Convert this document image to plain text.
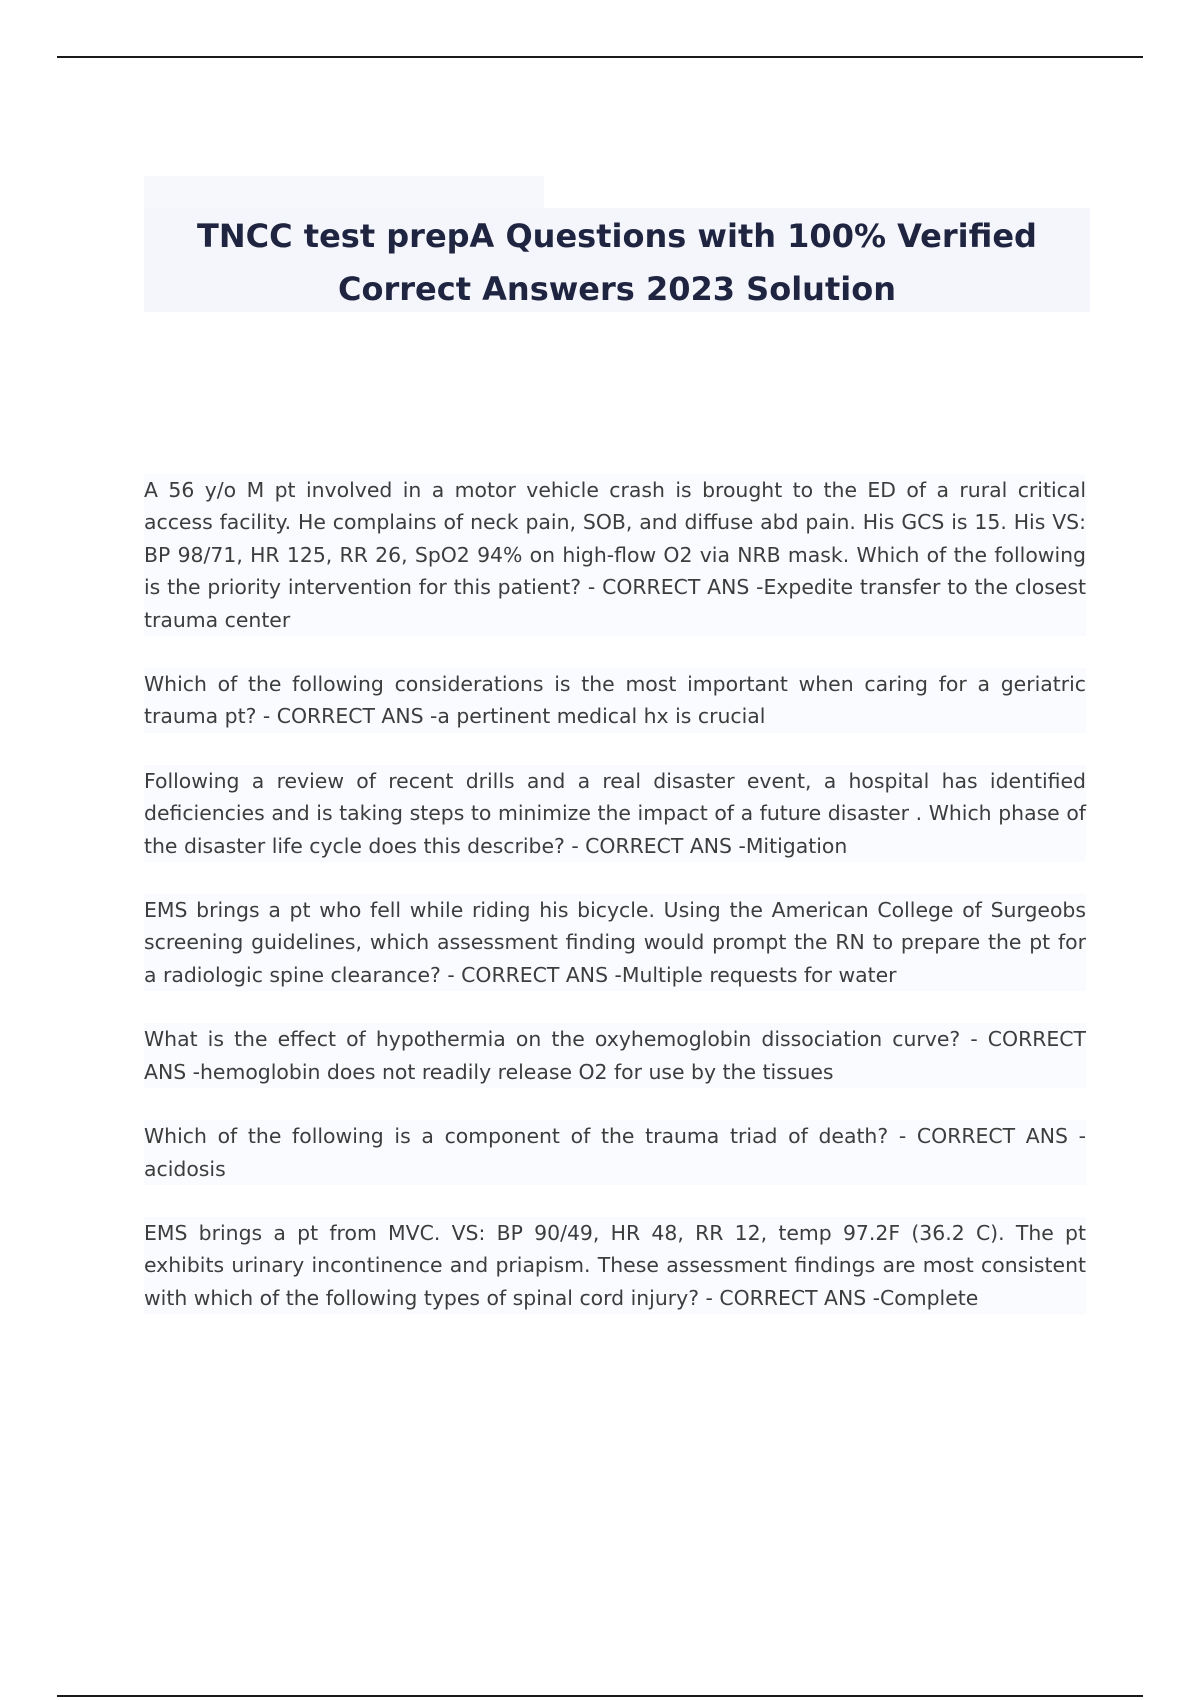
TNCC test prepA Questions with 100% Verified Correct Answers 2023 Solution

A 56 y/o M pt involved in a motor vehicle crash is brought to the ED of a rural critical access facility. He complains of neck pain, SOB, and diffuse abd pain. His GCS is 15. His VS: BP 98/71, HR 125, RR 26, SpO2 94% on high-flow O2 via NRB mask. Which of the following is the priority intervention for this patient? - CORRECT ANS -Expedite transfer to the closest trauma center

Which of the following considerations is the most important when caring for a geriatric trauma pt? - CORRECT ANS -a pertinent medical hx is crucial

Following a review of recent drills and a real disaster event, a hospital has identified deficiencies and is taking steps to minimize the impact of a future disaster . Which phase of the disaster life cycle does this describe? - CORRECT ANS -Mitigation

EMS brings a pt who fell while riding his bicycle. Using the American College of Surgeobs screening guidelines, which assessment finding would prompt the RN to prepare the pt for a radiologic spine clearance? - CORRECT ANS -Multiple requests for water

What is the effect of hypothermia on the oxyhemoglobin dissociation curve? - CORRECT ANS -hemoglobin does not readily release O2 for use by the tissues

Which of the following is a component of the trauma triad of death? - CORRECT ANS -acidosis

EMS brings a pt from MVC. VS: BP 90/49, HR 48, RR 12, temp 97.2F (36.2 C). The pt exhibits urinary incontinence and priapism. These assessment findings are most consistent with which of the following types of spinal cord injury? - CORRECT ANS -Complete
